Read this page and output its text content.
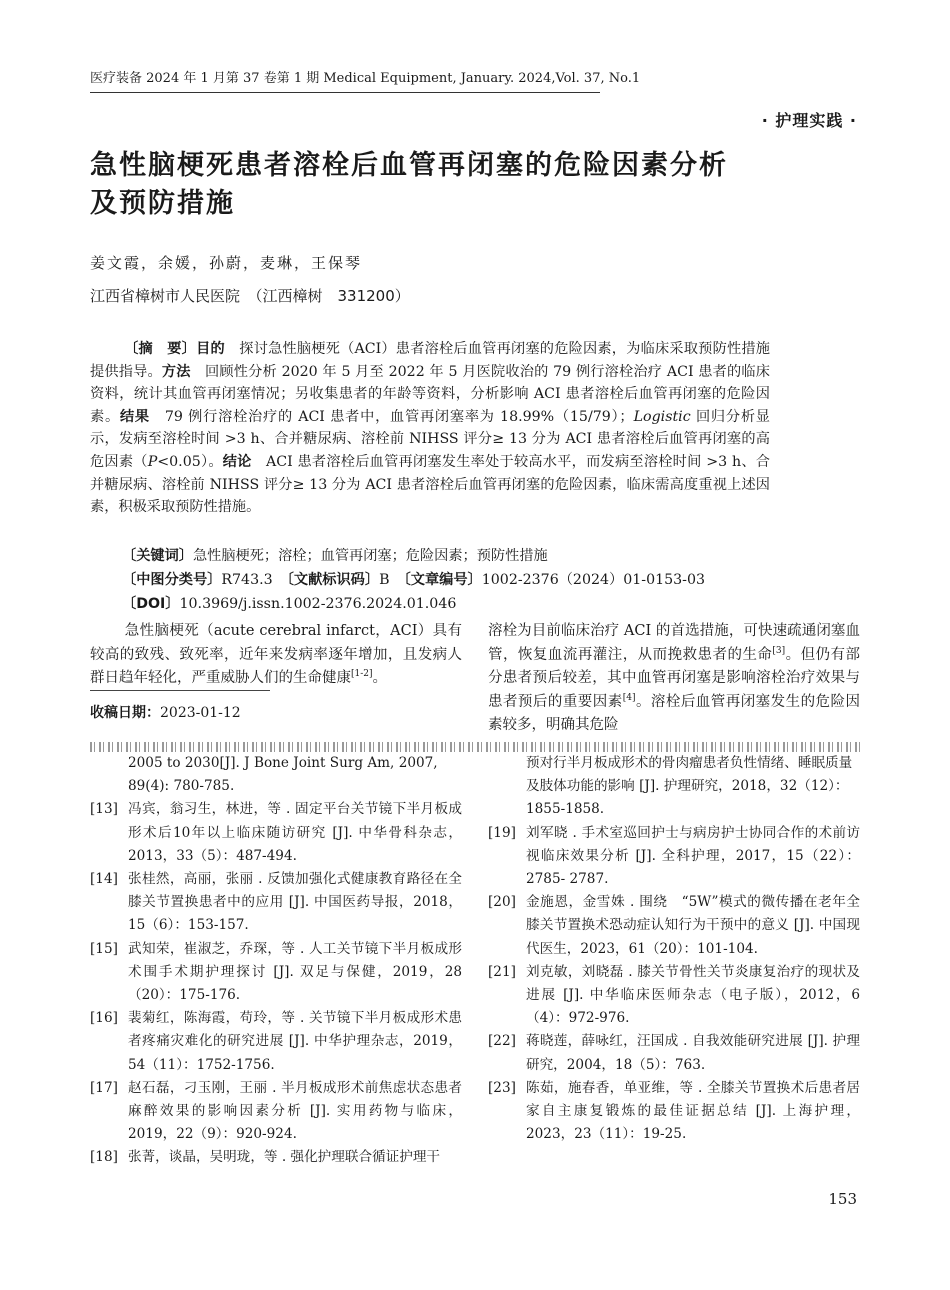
医疗装备 2024 年 1 月第 37 卷第 1 期 Medical Equipment, January. 2024,Vol. 37, No.1
· 护理实践 ·
急性脑梗死患者溶栓后血管再闭塞的危险因素分析
及预防措施
姜文霞，余媛，孙蔚，麦琳，王保琴
江西省樟树市人民医院　（江西樟树　331200）
〔摘　要〕目的　 探讨急性脑梗死（ACI）患者溶栓后血管再闭塞的危险因素，为临床采取预防性措施提供指导。方法　 回顾性分析 2020 年 5 月至 2022 年 5 月医院收治的 79 例行溶栓治疗 ACI 患者的临床资料，统计其血管再闭塞情况；另收集患者的年龄等资料，分析影响 ACI 患者溶栓后血管再闭塞的危险因素。结果　 79 例行溶栓治疗的 ACI 患者中，血管再闭塞率为 18.99%（15/79）；Logistic 回归分析显示，发病至溶栓时间 >3 h、合并糖尿病、溶栓前 NIHSS 评分≥ 13 分为 ACI 患者溶栓后血管再闭塞的高危因素（P<0.05）。结论　 ACI 患者溶栓后血管再闭塞发生率处于较高水平，而发病至溶栓时间 >3 h、合并糖尿病、溶栓前 NIHSS 评分≥ 13 分为 ACI 患者溶栓后血管再闭塞的危险因素，临床需高度重视上述因素，积极采取预防性措施。
〔关键词〕急性脑梗死；溶栓；血管再闭塞；危险因素；预防性措施
〔中图分类号〕R743.3　 〔文献标识码〕B　 〔文章编号〕1002-2376（2024）01-0153-03
〔DOI〕10.3969/j.issn.1002-2376.2024.01.046
急性脑梗死（acute cerebral infarct，ACI）具有较高的致残、致死率，近年来发病率逐年增加，且发病人群日趋年轻化，严重威胁人们的生命健康[1-2]。
收稿日期：2023-01-12
溶栓为目前临床治疗 ACI 的首选措施，可快速疏通闭塞血管，恢复血流再灌注，从而挽救患者的生命[3]。但仍有部分患者预后较差，其中血管再闭塞是影响溶栓治疗效果与患者预后的重要因素[4]。溶栓后血管再闭塞发生的危险因素较多，明确其危险
2005 to 2030[J]. J Bone Joint Surg Am, 2007, 89(4): 780-785.
[13] 冯宾，翁习生，林进，等 . 固定平台关节镜下半月板成形术后10年以上临床随访研究 [J]. 中华骨科杂志，2013，33（5）：487-494.
[14] 张桂然，高丽，张丽 . 反馈加强化式健康教育路径在全膝关节置换患者中的应用 [J]. 中国医药导报，2018，15（6）：153-157.
[15] 武知荣，崔淑芝，乔琛，等 . 人工关节镜下半月板成形术围手术期护理探讨 [J]. 双足与保健，2019，28（20）：175-176.
[16] 裴菊红，陈海霞，苟玲，等 . 关节镜下半月板成形术患者疼痛灾难化的研究进展 [J]. 中华护理杂志，2019，54（11）：1752-1756.
[17] 赵石磊，刁玉刚，王丽 . 半月板成形术前焦虑状态患者麻醉效果的影响因素分析 [J]. 实用药物与临床，2019，22（9）：920-924.
[18] 张菁，谈晶，吴明珑，等 . 强化护理联合循证护理干
预对行半月板成形术的骨肉瘤患者负性情绪、睡眠质量及肢体功能的影响 [J]. 护理研究，2018，32（12）：1855-1858.
[19] 刘军晓 . 手术室巡回护士与病房护士协同合作的术前访视临床效果分析 [J]. 全科护理，2017，15（22）：2785- 2787.
[20] 金施恩，金雪姝 . 围绕　“5W”模式的微传播在老年全膝关节置换术恐动症认知行为干预中的意义 [J]. 中国现代医生，2023，61（20）：101-104.
[21] 刘克敏，刘晓磊 . 膝关节骨性关节炎康复治疗的现状及进展 [J]. 中华临床医师杂志（电子版），2012，6（4）：972-976.
[22] 蒋晓莲，薛咏红，汪国成 . 自我效能研究进展 [J]. 护理研究，2004，18（5）：763.
[23] 陈茹，施春香，单亚维，等 . 全膝关节置换术后患者居家自主康复锻炼的最佳证据总结 [J]. 上海护理，2023，23（11）：19-25.
153
